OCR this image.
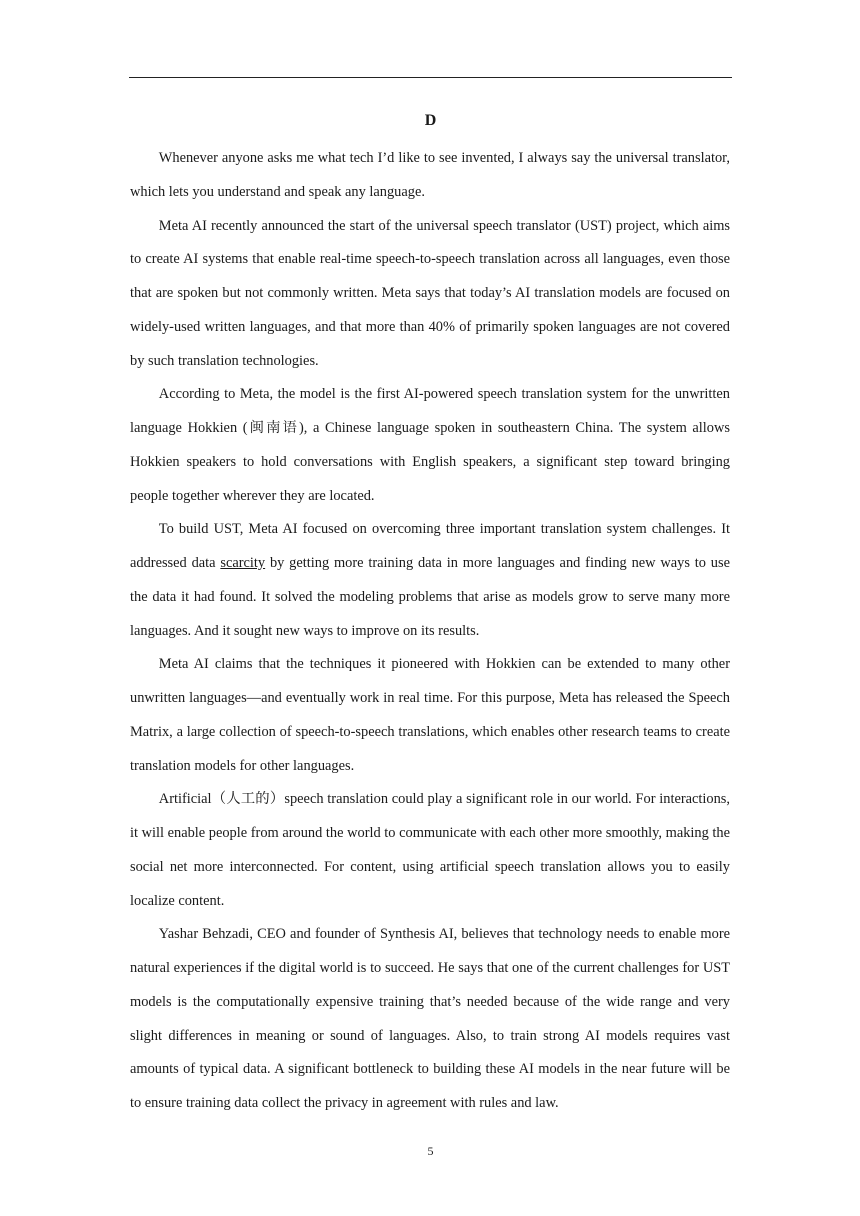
D

Whenever anyone asks me what tech I’d like to see invented, I always say the universal translator, which lets you understand and speak any language.

Meta AI recently announced the start of the universal speech translator (UST) project, which aims to create AI systems that enable real-time speech-to-speech translation across all languages, even those that are spoken but not commonly written. Meta says that today’s AI translation models are focused on widely-used written languages, and that more than 40% of primarily spoken languages are not covered by such translation technologies.

According to Meta, the model is the first AI-powered speech translation system for the unwritten language Hokkien (闽南语), a Chinese language spoken in southeastern China. The system allows Hokkien speakers to hold conversations with English speakers, a significant step toward bringing people together wherever they are located.

To build UST, Meta AI focused on overcoming three important translation system challenges. It addressed data scarcity by getting more training data in more languages and finding new ways to use the data it had found. It solved the modeling problems that arise as models grow to serve many more languages. And it sought new ways to improve on its results.

Meta AI claims that the techniques it pioneered with Hokkien can be extended to many other unwritten languages—and eventually work in real time. For this purpose, Meta has released the Speech Matrix, a large collection of speech-to-speech translations, which enables other research teams to create translation models for other languages.

Artificial（人工的）speech translation could play a significant role in our world. For interactions, it will enable people from around the world to communicate with each other more smoothly, making the social net more interconnected. For content, using artificial speech translation allows you to easily localize content.

Yashar Behzadi, CEO and founder of Synthesis AI, believes that technology needs to enable more natural experiences if the digital world is to succeed. He says that one of the current challenges for UST models is the computationally expensive training that’s needed because of the wide range and very slight differences in meaning or sound of languages. Also, to train strong AI models requires vast amounts of typical data. A significant bottleneck to building these AI models in the near future will be to ensure training data collect the privacy in agreement with rules and law.

5
